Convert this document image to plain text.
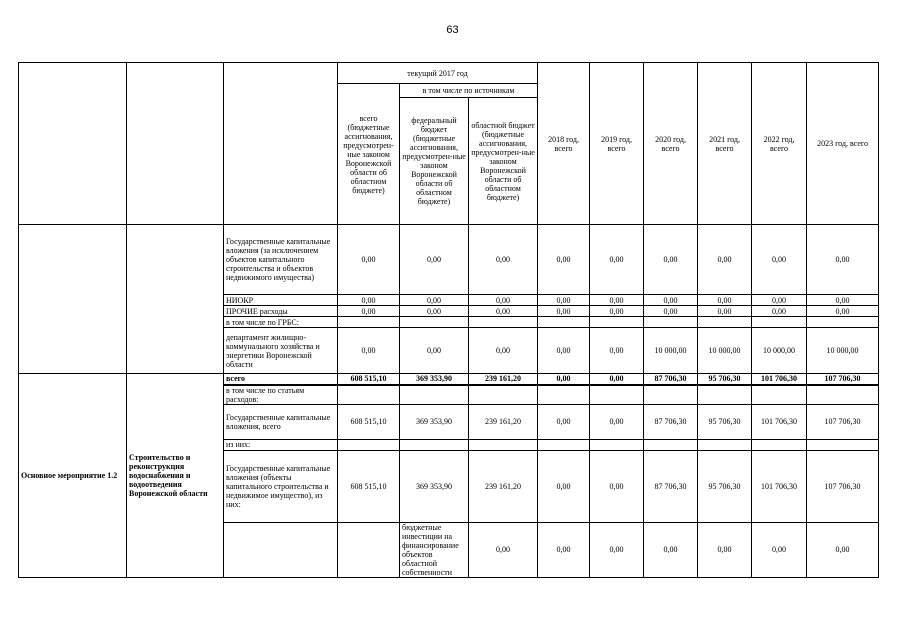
63
			текущий 2017 год			2018 год, всего	2019 год, всего	2020 год, всего	2021 год, всего	2022 год, всего	2023 год, всего	
			всего (бюджетные ассигнования, предусмотрен-ные законом Воронежской области об областном бюджете)	в том числе по источникам								
				федеральный бюджет (бюджетные ассигнования, предусмотрен-ные законом Воронежской области об областном бюджете)	областной бюджет (бюджетные ассигнования, предусмотрен-ные законом Воронежской области об областном бюджете)							
		Государственные капитальные вложения (за исключением объектов капитального строительства и объектов недвижимого имущества)	0,00	0,00	0,00	0,00	0,00	0,00	0,00	0,00	0,00	
		НИОКР	0,00	0,00	0,00	0,00	0,00	0,00	0,00	0,00	0,00	
		ПРОЧИЕ расходы	0,00	0,00	0,00	0,00	0,00	0,00	0,00	0,00	0,00	
		в том числе по ГРБС:										
		департамент жилищно-коммунального хозяйства и энергетики Воронежской области	0,00	0,00	0,00	0,00	0,00	10 000,00	10 000,00	10 000,00	10 000,00	
Основное мероприятие 1.2	Строительство и реконструкция водоснабжения и водоотведения Воронежской области	всего	608 515,10	369 353,90	239 161,20	0,00	0,00	87 706,30	95 706,30	101 706,30	107 706,30	
		в том числе по статьям расходов:										
		Государственные капитальные вложения, всего	608 515,10	369 353,90	239 161,20	0,00	0,00	87 706,30	95 706,30	101 706,30	107 706,30	
		из них:										
		Государственные капитальные вложения (объекты капитального строительства и недвижимое имущество), из них:	608 515,10	369 353,90	239 161,20	0,00	0,00	87 706,30	95 706,30	101 706,30	107 706,30	
				бюджетные инвестиции на финансирование объектов областной собственности	0,00	0,00	0,00	0,00	0,00	0,00	0,00		
